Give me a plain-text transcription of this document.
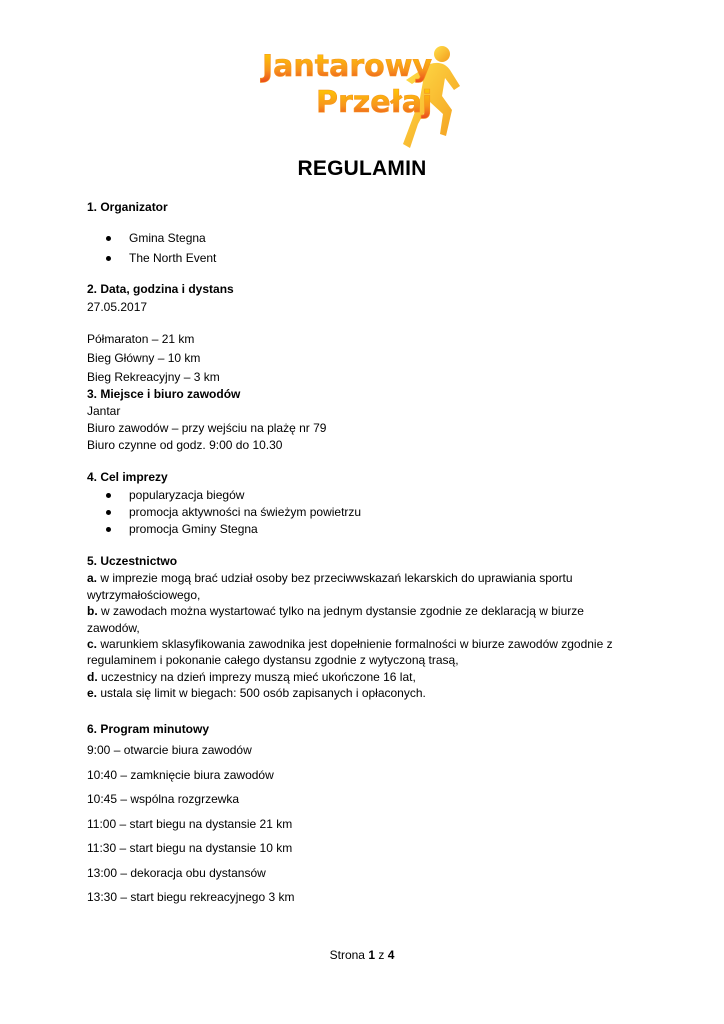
Jantarowy
Przełaj
REGULAMIN
1. Organizator
Gmina Stegna
The North Event
2. Data, godzina i dystans
27.05.2017
Półmaraton – 21 km
Bieg Główny – 10 km
Bieg Rekreacyjny – 3 km
3. Miejsce i biuro zawodów
Jantar
Biuro zawodów – przy wejściu na plażę nr 79
Biuro czynne od godz. 9:00 do 10.30
4. Cel imprezy
popularyzacja biegów
promocja aktywności na świeżym powietrzu
promocja Gminy Stegna
5. Uczestnictwo
a. w imprezie mogą brać udział osoby bez przeciwwskazań lekarskich do uprawiania sportu
wytrzymałościowego,
b. w zawodach można wystartować tylko na jednym dystansie zgodnie ze deklaracją w biurze
zawodów,
c. warunkiem sklasyfikowania zawodnika jest dopełnienie formalności w biurze zawodów zgodnie z
regulaminem i pokonanie całego dystansu zgodnie z wytyczoną trasą,
d. uczestnicy na dzień imprezy muszą mieć ukończone 16 lat,
e. ustala się limit w biegach: 500 osób zapisanych i opłaconych.
6. Program minutowy
9:00 – otwarcie biura zawodów
10:40 – zamknięcie biura zawodów
10:45 – wspólna rozgrzewka
11:00 – start biegu na dystansie 21 km
11:30 – start biegu na dystansie 10 km
13:00 – dekoracja obu dystansów
13:30 – start biegu rekreacyjnego 3 km
Strona 1 z 4
